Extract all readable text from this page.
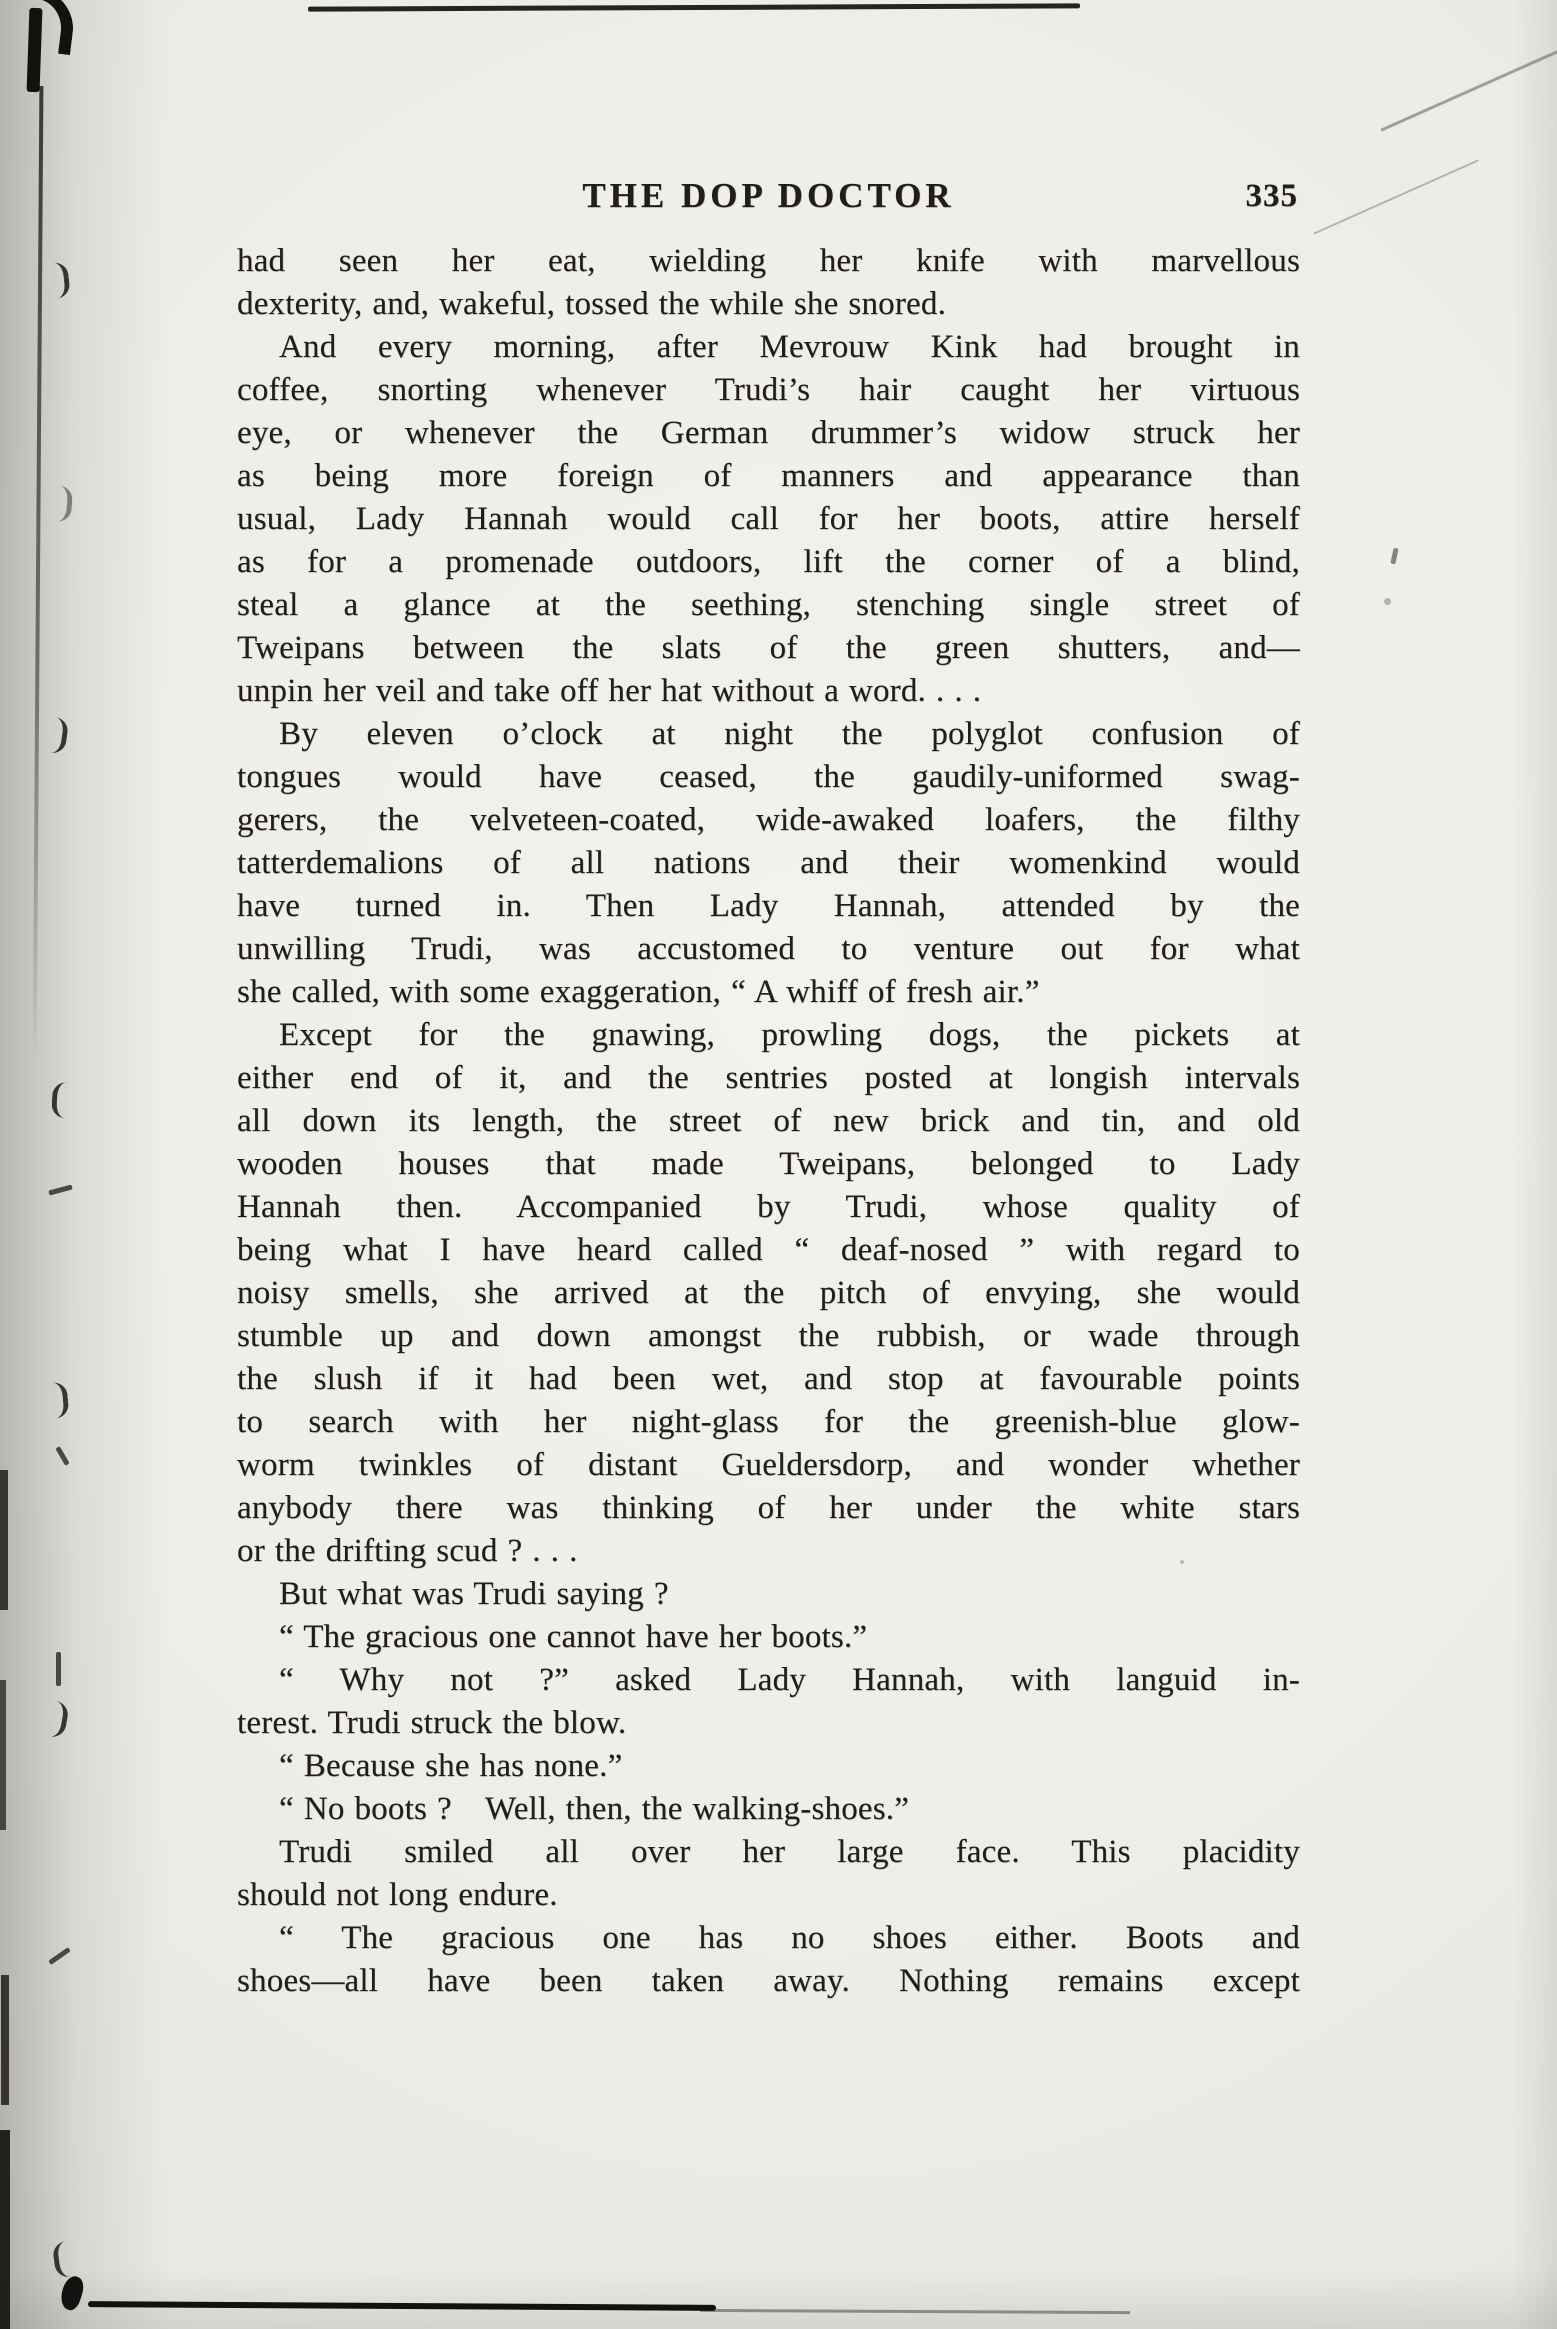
THE DOP DOCTOR	335
had seen her eat, wielding her knife with marvellous
dexterity, and, wakeful, tossed the while she snored.
And every morning, after Mevrouw Kink had brought in
coffee, snorting whenever Trudi’s hair caught her virtuous
eye, or whenever the German drummer’s widow struck her
as being more foreign of manners and appearance than
usual, Lady Hannah would call for her boots, attire herself
as for a promenade outdoors, lift the corner of a blind,
steal a glance at the seething, stenching single street of
Tweipans between the slats of the green shutters, and—
unpin her veil and take off her hat without a word. . . .
By eleven o’clock at night the polyglot confusion of
tongues would have ceased, the gaudily-uniformed swag-
gerers, the velveteen-coated, wide-awaked loafers, the filthy
tatterdemalions of all nations and their womenkind would
have turned in. Then Lady Hannah, attended by the
unwilling Trudi, was accustomed to venture out for what
she called, with some exaggeration, “ A whiff of fresh air.”
Except for the gnawing, prowling dogs, the pickets at
either end of it, and the sentries posted at longish intervals
all down its length, the street of new brick and tin, and old
wooden houses that made Tweipans, belonged to Lady
Hannah then. Accompanied by Trudi, whose quality of
being what I have heard called “ deaf-nosed ” with regard to
noisy smells, she arrived at the pitch of envying, she would
stumble up and down amongst the rubbish, or wade through
the slush if it had been wet, and stop at favourable points
to search with her night-glass for the greenish-blue glow-
worm twinkles of distant Gueldersdorp, and wonder whether
anybody there was thinking of her under the white stars
or the drifting scud ? . . .
But what was Trudi saying ?
“ The gracious one cannot have her boots.”
“ Why not ?” asked Lady Hannah, with languid in-
terest. Trudi struck the blow.
“ Because she has none.”
“ No boots ? Well, then, the walking-shoes.”
Trudi smiled all over her large face. This placidity
should not long endure.
“ The gracious one has no shoes either. Boots and
shoes—all have been taken away. Nothing remains except
